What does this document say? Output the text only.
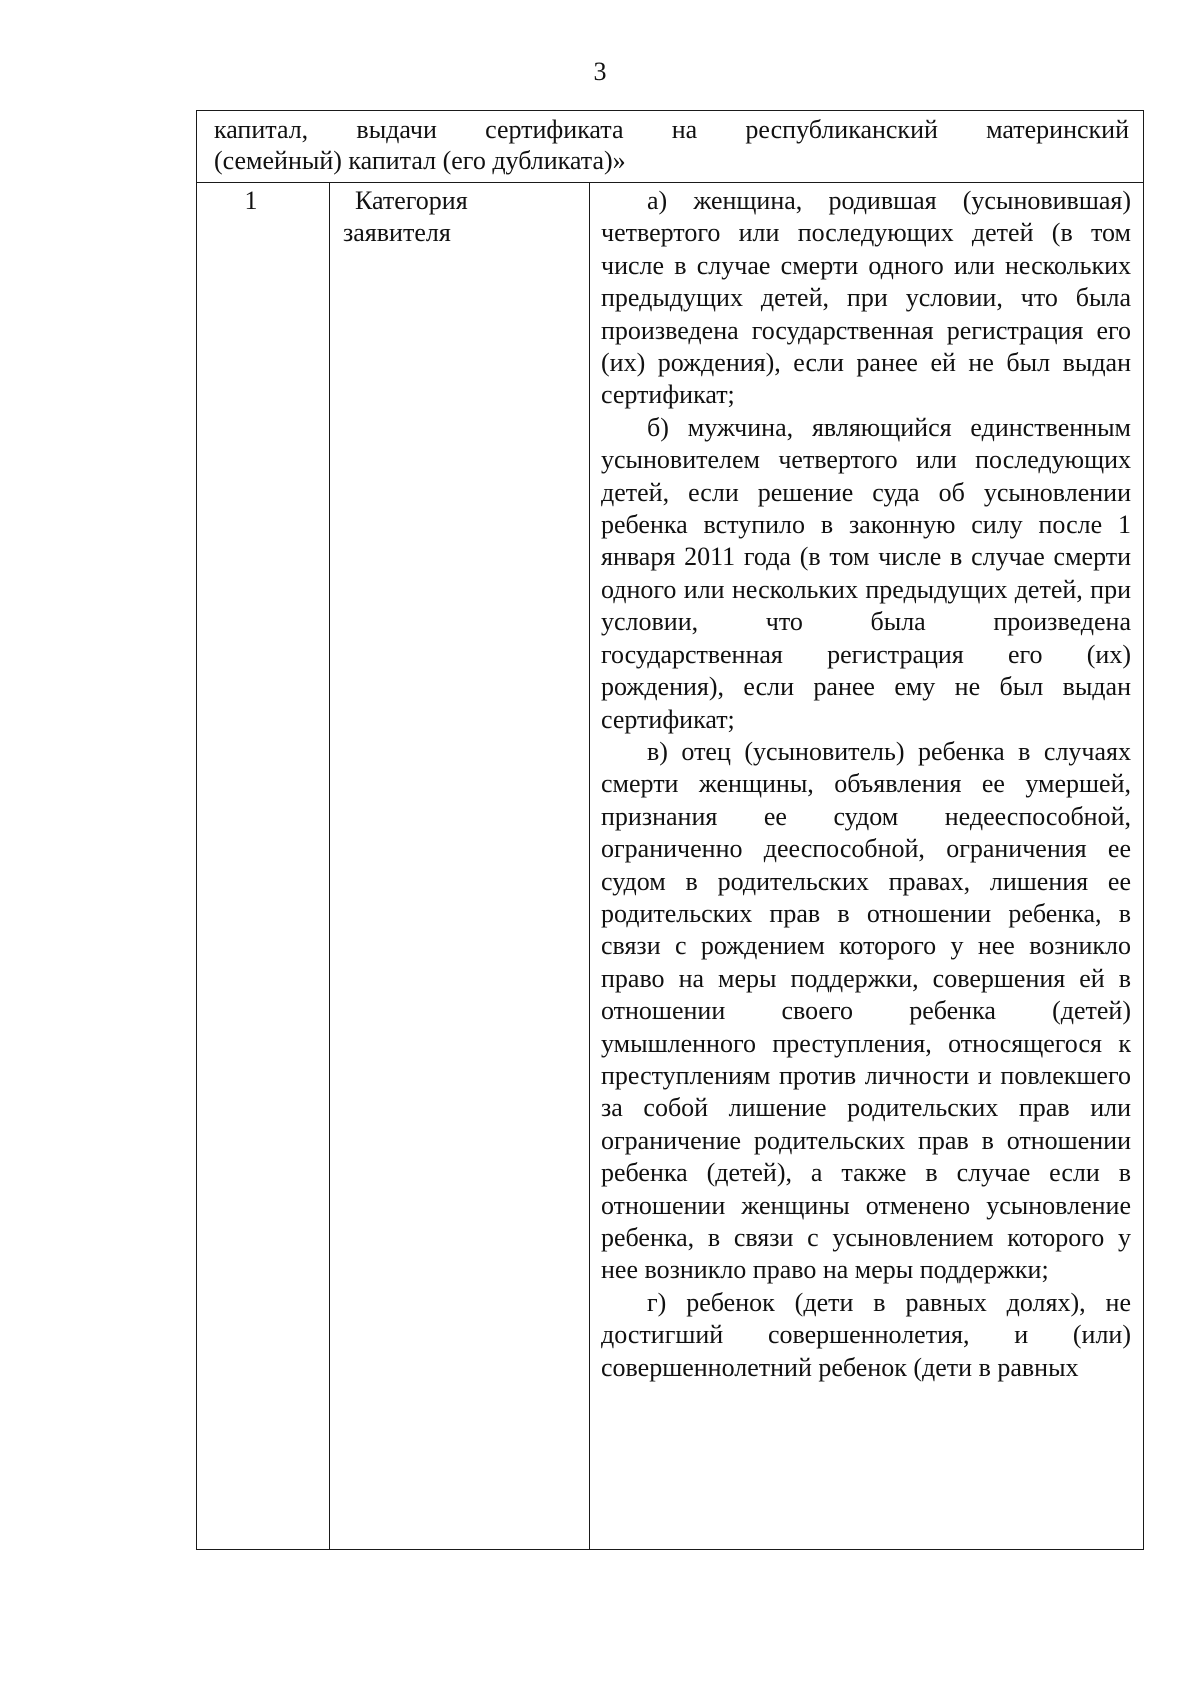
3
капитал, выдачи сертификата на республиканский материнский
(семейный) капитал (его дубликата)»
1	Категория
заявителя

а) женщина, родившая (усыновившая) четвертого или последующих детей (в том числе в случае смерти одного или нескольких предыдущих детей, при условии, что была произведена государственная регистрация его (их) рождения), если ранее ей не был выдан сертификат;

б) мужчина, являющийся единственным усыновителем четвертого или последующих детей, если решение суда об усыновлении ребенка вступило в законную силу после 1 января 2011 года (в том числе в случае смерти одного или нескольких предыдущих детей, при условии, что была произведена государственная регистрация его (их) рождения), если ранее ему не был выдан сертификат;

в) отец (усыновитель) ребенка в случаях смерти женщины, объявления ее умершей, признания ее судом недееспособной, ограниченно дееспособной, ограничения ее судом в родительских правах, лишения ее родительских прав в отношении ребенка, в связи с рождением которого у нее возникло право на меры поддержки, совершения ей в отношении своего ребенка (детей) умышленного преступления, относящегося к преступлениям против личности и повлекшего за собой лишение родительских прав или ограничение родительских прав в отношении ребенка (детей), а также в случае если в отношении женщины отменено усыновление ребенка, в связи с усыновлением которого у нее возникло право на меры поддержки;

г) ребенок (дети в равных долях), не достигший совершеннолетия, и (или) совершеннолетний ребенок (дети в равных
